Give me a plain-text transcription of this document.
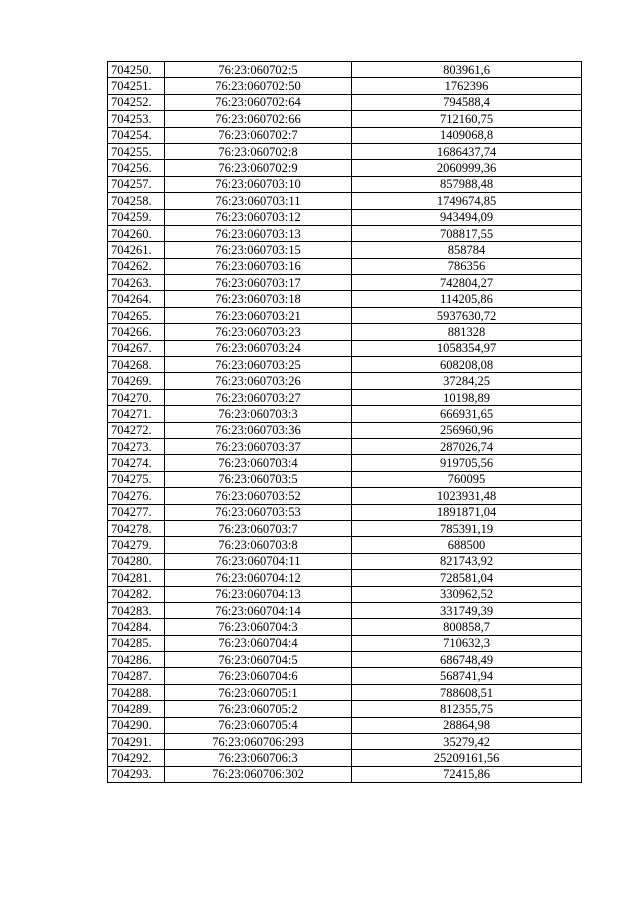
704250.	76:23:060702:5	803961,6
704251.	76:23:060702:50	1762396
704252.	76:23:060702:64	794588,4
704253.	76:23:060702:66	712160,75
704254.	76:23:060702:7	1409068,8
704255.	76:23:060702:8	1686437,74
704256.	76:23:060702:9	2060999,36
704257.	76:23:060703:10	857988,48
704258.	76:23:060703:11	1749674,85
704259.	76:23:060703:12	943494,09
704260.	76:23:060703:13	708817,55
704261.	76:23:060703:15	858784
704262.	76:23:060703:16	786356
704263.	76:23:060703:17	742804,27
704264.	76:23:060703:18	114205,86
704265.	76:23:060703:21	5937630,72
704266.	76:23:060703:23	881328
704267.	76:23:060703:24	1058354,97
704268.	76:23:060703:25	608208,08
704269.	76:23:060703:26	37284,25
704270.	76:23:060703:27	10198,89
704271.	76:23:060703:3	666931,65
704272.	76:23:060703:36	256960,96
704273.	76:23:060703:37	287026,74
704274.	76:23:060703:4	919705,56
704275.	76:23:060703:5	760095
704276.	76:23:060703:52	1023931,48
704277.	76:23:060703:53	1891871,04
704278.	76:23:060703:7	785391,19
704279.	76:23:060703:8	688500
704280.	76:23:060704:11	821743,92
704281.	76:23:060704:12	728581,04
704282.	76:23:060704:13	330962,52
704283.	76:23:060704:14	331749,39
704284.	76:23:060704:3	800858,7
704285.	76:23:060704:4	710632,3
704286.	76:23:060704:5	686748,49
704287.	76:23:060704:6	568741,94
704288.	76:23:060705:1	788608,51
704289.	76:23:060705:2	812355,75
704290.	76:23:060705:4	28864,98
704291.	76:23:060706:293	35279,42
704292.	76:23:060706:3	25209161,56
704293.	76:23:060706:302	72415,86
